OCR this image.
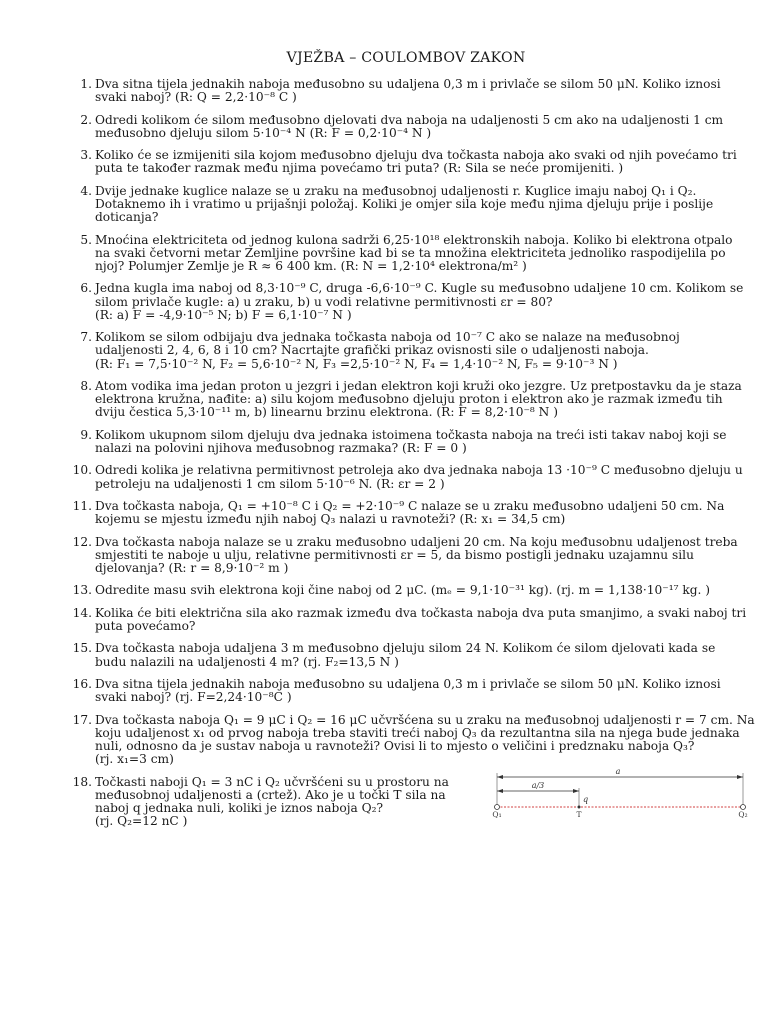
VJEŽBA – COULOMBOV ZAKON
1 . Dva sitna tijela jednakih naboja međusobno su udaljena 0,3 m i privlače se silom 50 μN. Koliko iznosi
svaki naboj? (R: Q = 2,2·10⁻⁸ C )
2 . Odredi kolikom će silom međusobno djelovati dva naboja na udaljenosti 5 cm ako na udaljenosti 1 cm
međusobno djeluju silom 5·10⁻⁴ N (R: F = 0,2·10⁻⁴ N )
3 . Koliko će se izmijeniti sila kojom međusobno djeluju dva točkasta naboja ako svaki od njih povećamo tri
puta te također razmak među njima povećamo tri puta? (R: Sila se neće promijeniti. )
4 . Dvije jednake kuglice nalaze se u zraku na međusobnoj udaljenosti r. Kuglice imaju naboj Q₁ i Q₂.
Dotaknemo ih i vratimo u prijašnji položaj. Koliki je omjer sila koje među njima djeluju prije i poslije
doticanja?
5 . Mnoćina elektriciteta od jednog kulona sadrži 6,25·10¹⁸ elektronskih naboja. Koliko bi elektrona otpalo
na svaki četvorni metar Zemljine površine kad bi se ta množina elektriciteta jednoliko raspodijelila po
njoj? Polumjer Zemlje je R ≈ 6 400 km. (R: N = 1,2·10⁴ elektrona/m² )
6 . Jedna kugla ima naboj od 8,3·10⁻⁹ C, druga -6,6·10⁻⁹ C. Kugle su međusobno udaljene 10 cm. Kolikom se
silom privlače kugle: a) u zraku, b) u vodi relativne permitivnosti εr = 80?
(R: a) F = -4,9·10⁻⁵ N; b) F = 6,1·10⁻⁷ N )
7 . Kolikom se silom odbijaju dva jednaka točkasta naboja od 10⁻⁷ C ako se nalaze na međusobnoj
udaljenosti 2, 4, 6, 8 i 10 cm? Nacrtajte grafički prikaz ovisnosti sile o udaljenosti naboja.
(R: F₁ = 7,5·10⁻² N, F₂ = 5,6·10⁻² N, F₃ =2,5·10⁻² N, F₄ = 1,4·10⁻² N, F₅ = 9·10⁻³ N )
8 . Atom vodika ima jedan proton u jezgri i jedan elektron koji kruži oko jezgre. Uz pretpostavku da je staza
elektrona kružna, nađite: a) silu kojom međusobno djeluju proton i elektron ako je razmak između tih
dviju čestica 5,3·10⁻¹¹ m, b) linearnu brzinu elektrona. (R: F = 8,2·10⁻⁸ N )
9 . Kolikom ukupnom silom djeluju dva jednaka istoimena točkasta naboja na treći isti takav naboj koji se
nalazi na polovini njihova međusobnog razmaka? (R: F = 0 )
10 . Odredi kolika je relativna permitivnost petroleja ako dva jednaka naboja 13 ·10⁻⁹ C međusobno djeluju u
petroleju na udaljenosti 1 cm silom 5·10⁻⁶ N. (R: εr = 2 )
11 . Dva točkasta naboja, Q₁ = +10⁻⁸ C i Q₂ = +2·10⁻⁹ C nalaze se u zraku međusobno udaljeni 50 cm. Na
kojemu se mjestu između njih naboj Q₃ nalazi u ravnoteži? (R: x₁ = 34,5 cm)
12 . Dva točkasta naboja nalaze se u zraku međusobno udaljeni 20 cm. Na koju međusobnu udaljenost treba
smjestiti te naboje u ulju, relativne permitivnosti εr = 5, da bismo postigli jednaku uzajamnu silu
djelovanja? (R: r = 8,9·10⁻² m )
13 . Odredite masu svih elektrona koji čine naboj od 2 μC. (mₑ = 9,1·10⁻³¹ kg). (rj. m = 1,138·10⁻¹⁷ kg. )
14 . Kolika će biti električna sila ako razmak između dva točkasta naboja dva puta smanjimo, a svaki naboj tri
puta povećamo?
15 . Dva točkasta naboja udaljena 3 m međusobno djeluju silom 24 N. Kolikom će silom djelovati kada se
budu nalazili na udaljenosti 4 m? (rj. F₂=13,5 N )
16 . Dva sitna tijela jednakih naboja međusobno su udaljena 0,3 m i privlače se silom 50 μN. Koliko iznosi
svaki naboj? (rj. F=2,24·10⁻⁸C )
17 . Dva točkasta naboja Q₁ = 9 μC i Q₂ = 16 μC učvršćena su u zraku na međusobnoj udaljenosti r = 7 cm. Na
koju udaljenost x₁ od prvog naboja treba staviti treći naboj Q₃ da rezultantna sila na njega bude jednaka
nuli, odnosno da je sustav naboja u ravnoteži? Ovisi li to mjesto o veličini i predznaku naboja Q₃?
(rj. x₁=3 cm)
18 . Točkasti naboji Q₁ = 3 nC i Q₂ učvršćeni su u prostoru na
međusobnoj udaljenosti a (crtež). Ako je u točki T sila na
naboj q jednaka nuli, koliki je iznos naboja Q₂?
(rj. Q₂=12 nC )
a
a/3
q
Q₁	T	Q₂
